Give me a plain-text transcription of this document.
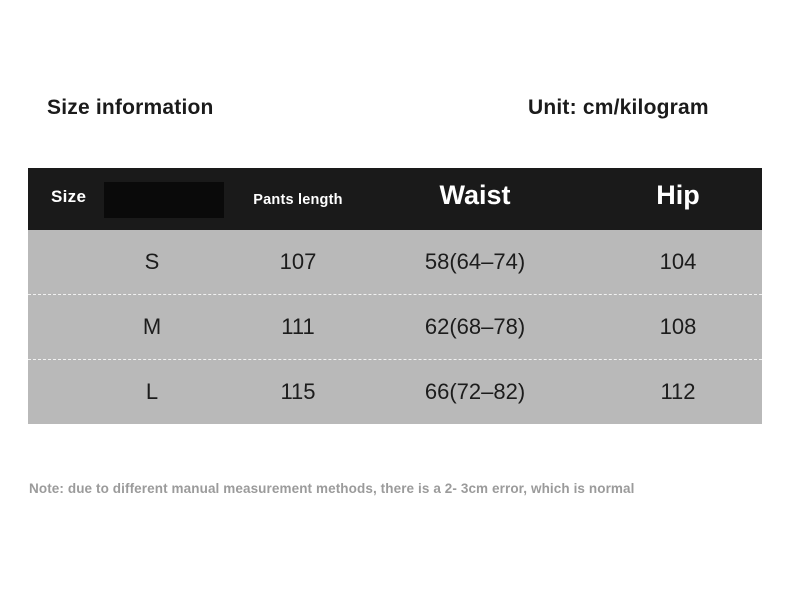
Size information	Unit: cm/kilogram
Size	Pants length	Waist	Hip
S	107	58(64–74)	104
M	111	62(68–78)	108
L	115	66(72–82)	112
Note: due to different manual measurement methods, there is a 2- 3cm error, which is normal
